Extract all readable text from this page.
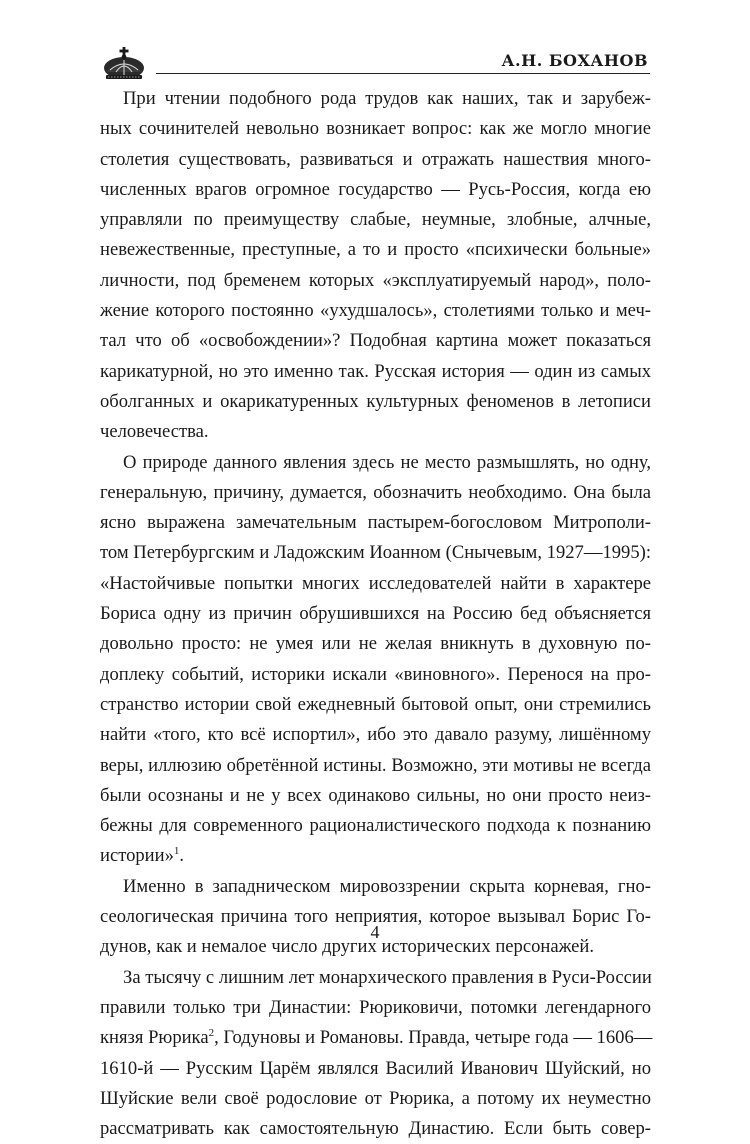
А.Н. БОХАНОВ

При чтении подобного рода трудов как наших, так и зарубеж-
ных сочинителей невольно возникает вопрос: как же могло многие
столетия существовать, развиваться и отражать нашествия много-
численных врагов огромное государство — Русь-Россия, когда ею
управляли по преимуществу слабые, неумные, злобные, алчные,
невежественные, преступные, а то и просто «психически больные»
личности, под бременем которых «эксплуатируемый народ», поло-
жение которого постоянно «ухудшалось», столетиями только и меч-
тал что об «освобождении»? Подобная картина может показаться
карикатурной, но это именно так. Русская история — один из самых
оболганных и окарикатуренных культурных феноменов в летописи
человечества.

О природе данного явления здесь не место размышлять, но одну,
генеральную, причину, думается, обозначить необходимо. Она была
ясно выражена замечательным пастырем-богословом Митрополи-
том Петербургским и Ладожским Иоанном (Снычевым, 1927—1995):
«Настойчивые попытки многих исследователей найти в характере
Бориса одну из причин обрушившихся на Россию бед объясняется
довольно просто: не умея или не желая вникнуть в духовную по-
доплеку событий, историки искали «виновного». Перенося на про-
странство истории свой ежедневный бытовой опыт, они стремились
найти «того, кто всё испортил», ибо это давало разуму, лишённому
веры, иллюзию обретённой истины. Возможно, эти мотивы не всегда
были осознаны и не у всех одинаково сильны, но они просто неиз-
бежны для современного рационалистического подхода к познанию
истории»$^1$.

Именно в западническом мировоззрении скрыта корневая, гно-
сеологическая причина того неприятия, которое вызывал Борис Го-
дунов, как и немалое число других исторических персонажей.

За тысячу с лишним лет монархического правления в Руси-России
правили только три Династии: Рюриковичи, потомки легендарного
князя Рюрика$^2$, Годуновы и Романовы. Правда, четыре года — 1606—
1610-й — Русским Царём являлся Василий Иванович Шуйский, но
Шуйские вели своё родословие от Рюрика, а потому их неуместно
рассматривать как самостоятельную Династию. Если быть совер-

4
